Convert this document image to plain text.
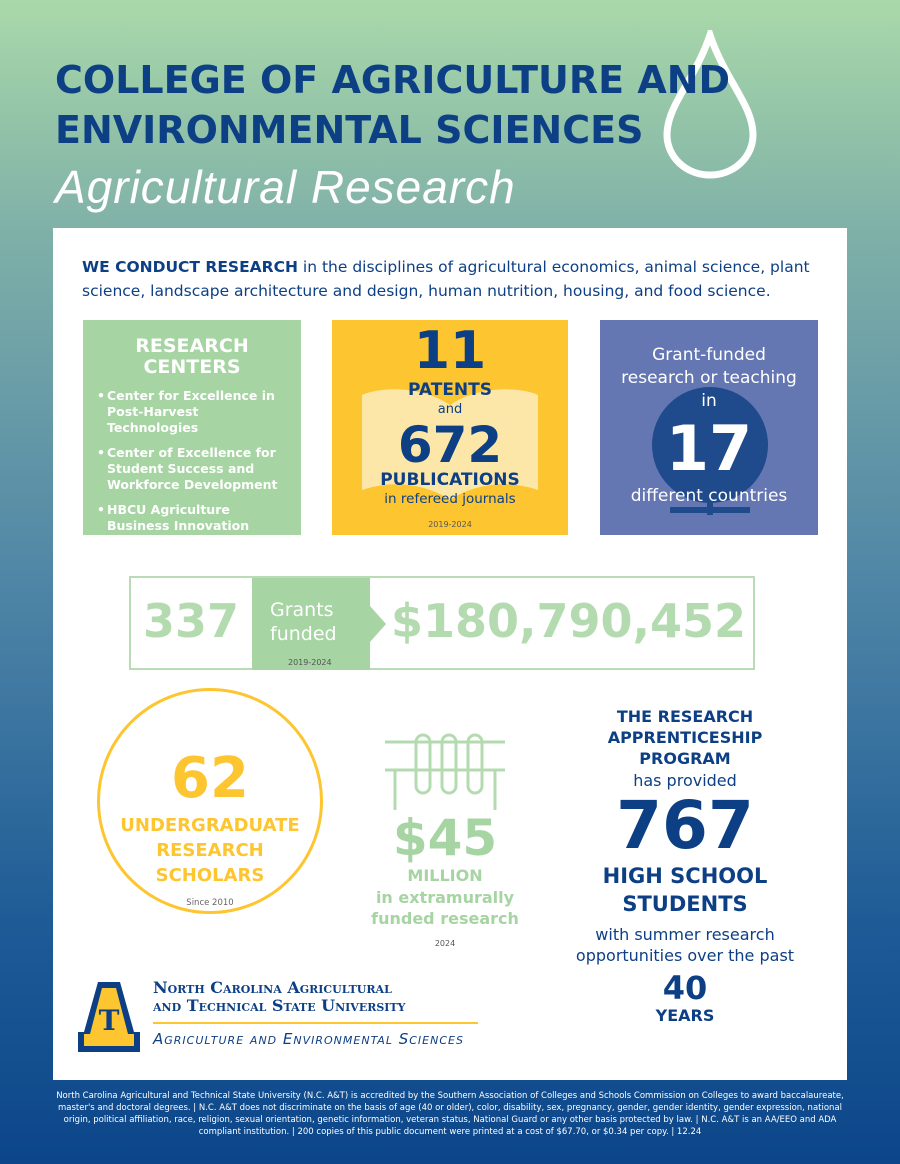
COLLEGE OF AGRICULTURE AND
ENVIRONMENTAL SCIENCES
Agricultural Research
WE CONDUCT RESEARCH in the disciplines of agricultural economics, animal science, plant science, landscape architecture and design, human nutrition, housing, and food science.
RESEARCH CENTERS
• Center for Excellence in Post-Harvest Technologies
• Center of Excellence for Student Success and Workforce Development
• HBCU Agriculture Business Innovation Center
11
PATENTS
and
672
PUBLICATIONS
in refereed journals
2019-2024
Grant-funded research or teaching in
17
different countries
337 Grants funded
2019-2024
$180,790,452
62
UNDERGRADUATE RESEARCH SCHOLARS
Since 2010
$45
MILLION
in extramurally funded research
2024
THE RESEARCH APPRENTICESHIP PROGRAM
has provided
767
HIGH SCHOOL STUDENTS
with summer research opportunities over the past
40
YEARS
T
North Carolina Agricultural
and Technical State University
Agriculture and Environmental Sciences
North Carolina Agricultural and Technical State University (N.C. A&T) is accredited by the Southern Association of Colleges and Schools Commission on Colleges to award baccalaureate, master's and doctoral degrees. | N.C. A&T does not discriminate on the basis of age (40 or older), color, disability, sex, pregnancy, gender, gender identity, gender expression, national origin, political affiliation, race, religion, sexual orientation, genetic information, veteran status, National Guard or any other basis protected by law. | N.C. A&T is an AA/EEO and ADA compliant institution. | 200 copies of this public document were printed at a cost of $67.70, or $0.34 per copy. | 12.24
